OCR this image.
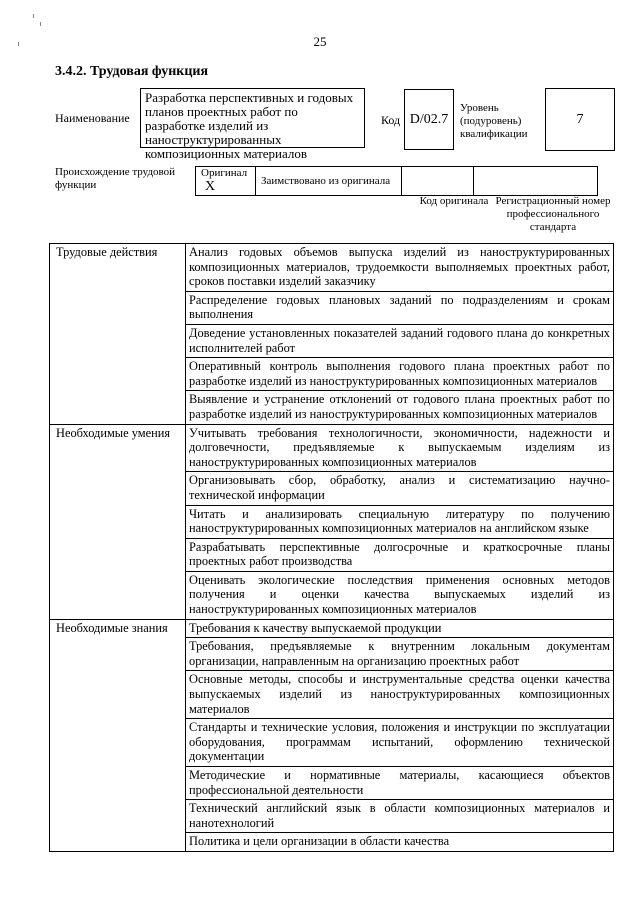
25
3.4.2. Трудовая функция
Наименование
Разработка перспективных и годовых планов проектных работ по разработке изделий из наноструктурированных композиционных материалов
Код D/02.7
Уровень (подуровень) квалификации
7
Происхождение трудовой функции
Оригинал X	Заимствовано из оригинала		
Код оригинала Регистрационный номер профессионального стандарта
Трудовые действия	Анализ годовых объемов выпуска изделий из наноструктурированных композиционных материалов, трудоемкости выполняемых проектных работ, сроков поставки изделий заказчику
	Распределение годовых плановых заданий по подразделениям и срокам выполнения
	Доведение установленных показателей заданий годового плана до конкретных исполнителей работ
	Оперативный контроль выполнения годового плана проектных работ по разработке изделий из наноструктурированных композиционных материалов
	Выявление и устранение отклонений от годового плана проектных работ по разработке изделий из наноструктурированных композиционных материалов
Необходимые умения	Учитывать требования технологичности, экономичности, надежности и долговечности, предъявляемые к выпускаемым изделиям из наноструктурированных композиционных материалов
	Организовывать сбор, обработку, анализ и систематизацию научно-технической информации
	Читать и анализировать специальную литературу по получению наноструктурированных композиционных материалов на английском языке
	Разрабатывать перспективные долгосрочные и краткосрочные планы проектных работ производства
	Оценивать экологические последствия применения основных методов получения и оценки качества выпускаемых изделий из наноструктурированных композиционных материалов
Необходимые знания	Требования к качеству выпускаемой продукции
	Требования, предъявляемые к внутренним локальным документам организации, направленным на организацию проектных работ
	Основные методы, способы и инструментальные средства оценки качества выпускаемых изделий из наноструктурированных композиционных материалов
	Стандарты и технические условия, положения и инструкции по эксплуатации оборудования, программам испытаний, оформлению технической документации
	Методические и нормативные материалы, касающиеся объектов профессиональной деятельности
	Технический английский язык в области композиционных материалов и нанотехнологий
	Политика и цели организации в области качества
